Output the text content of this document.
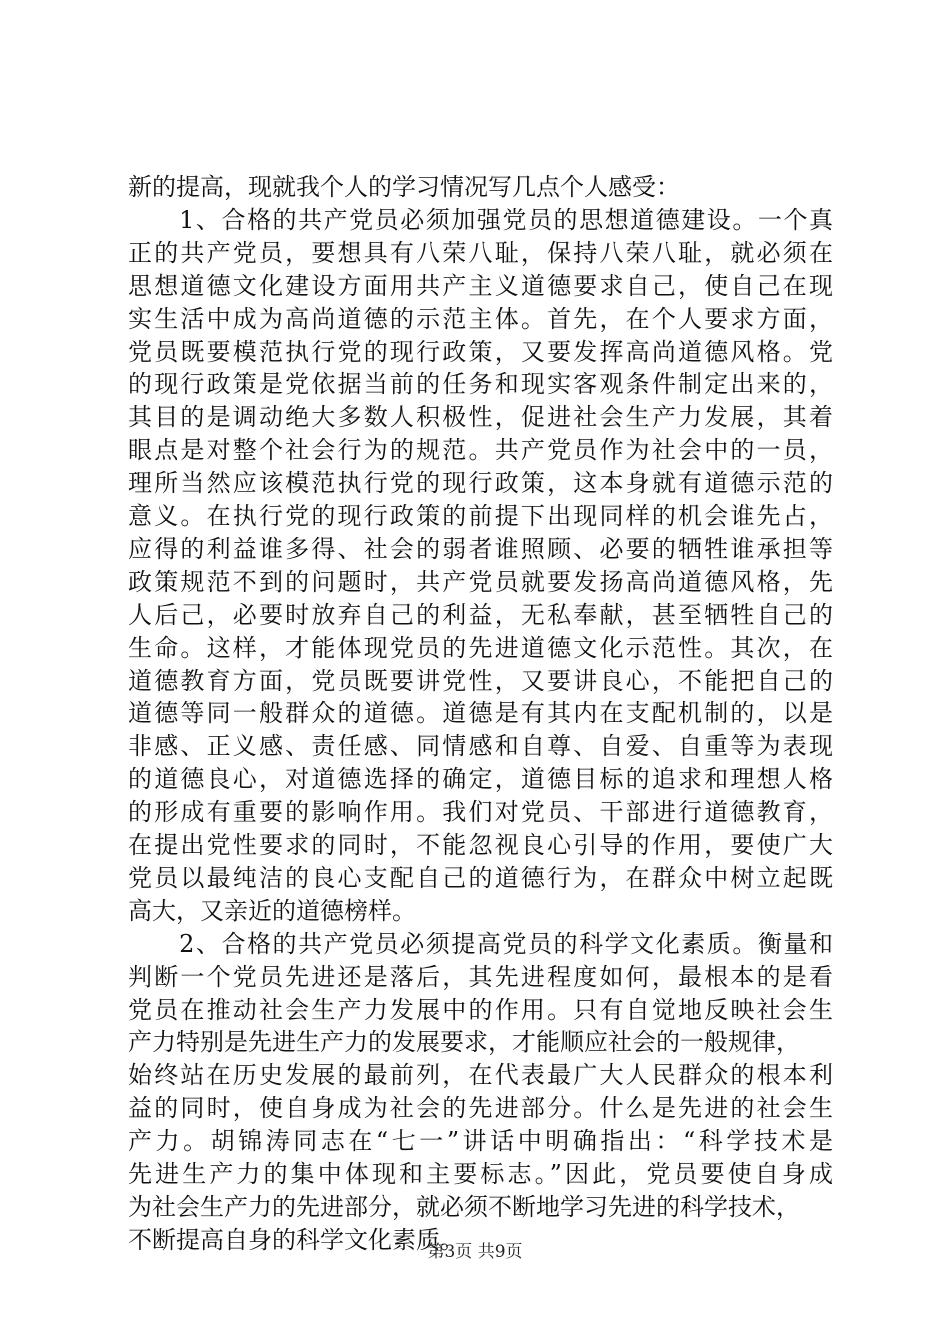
新的提高，现就我个人的学习情况写几点个人感受：
　　1、合格的共产党员必须加强党员的思想道德建设。一个真
正的共产党员，要想具有八荣八耻，保持八荣八耻，就必须在
思想道德文化建设方面用共产主义道德要求自己，使自己在现
实生活中成为高尚道德的示范主体。首先，在个人要求方面，
党员既要模范执行党的现行政策，又要发挥高尚道德风格。党
的现行政策是党依据当前的任务和现实客观条件制定出来的，
其目的是调动绝大多数人积极性，促进社会生产力发展，其着
眼点是对整个社会行为的规范。共产党员作为社会中的一员，
理所当然应该模范执行党的现行政策，这本身就有道德示范的
意义。在执行党的现行政策的前提下出现同样的机会谁先占，
应得的利益谁多得、社会的弱者谁照顾、必要的牺牲谁承担等
政策规范不到的问题时，共产党员就要发扬高尚道德风格，先
人后己，必要时放弃自己的利益，无私奉献，甚至牺牲自己的
生命。这样，才能体现党员的先进道德文化示范性。其次，在
道德教育方面，党员既要讲党性，又要讲良心，不能把自己的
道德等同一般群众的道德。道德是有其内在支配机制的，以是
非感、正义感、责任感、同情感和自尊、自爱、自重等为表现
的道德良心，对道德选择的确定，道德目标的追求和理想人格
的形成有重要的影响作用。我们对党员、干部进行道德教育，
在提出党性要求的同时，不能忽视良心引导的作用，要使广大
党员以最纯洁的良心支配自己的道德行为，在群众中树立起既
高大，又亲近的道德榜样。
　　2、合格的共产党员必须提高党员的科学文化素质。衡量和
判断一个党员先进还是落后，其先进程度如何，最根本的是看
党员在推动社会生产力发展中的作用。只有自觉地反映社会生
产力特别是先进生产力的发展要求，才能顺应社会的一般规律，
始终站在历史发展的最前列，在代表最广大人民群众的根本利
益的同时，使自身成为社会的先进部分。什么是先进的社会生
产力。胡锦涛同志在“七一”讲话中明确指出：“科学技术是
先进生产力的集中体现和主要标志。”因此，党员要使自身成
为社会生产力的先进部分，就必须不断地学习先进的科学技术，
不断提高自身的科学文化素质。
第3页 共9页
